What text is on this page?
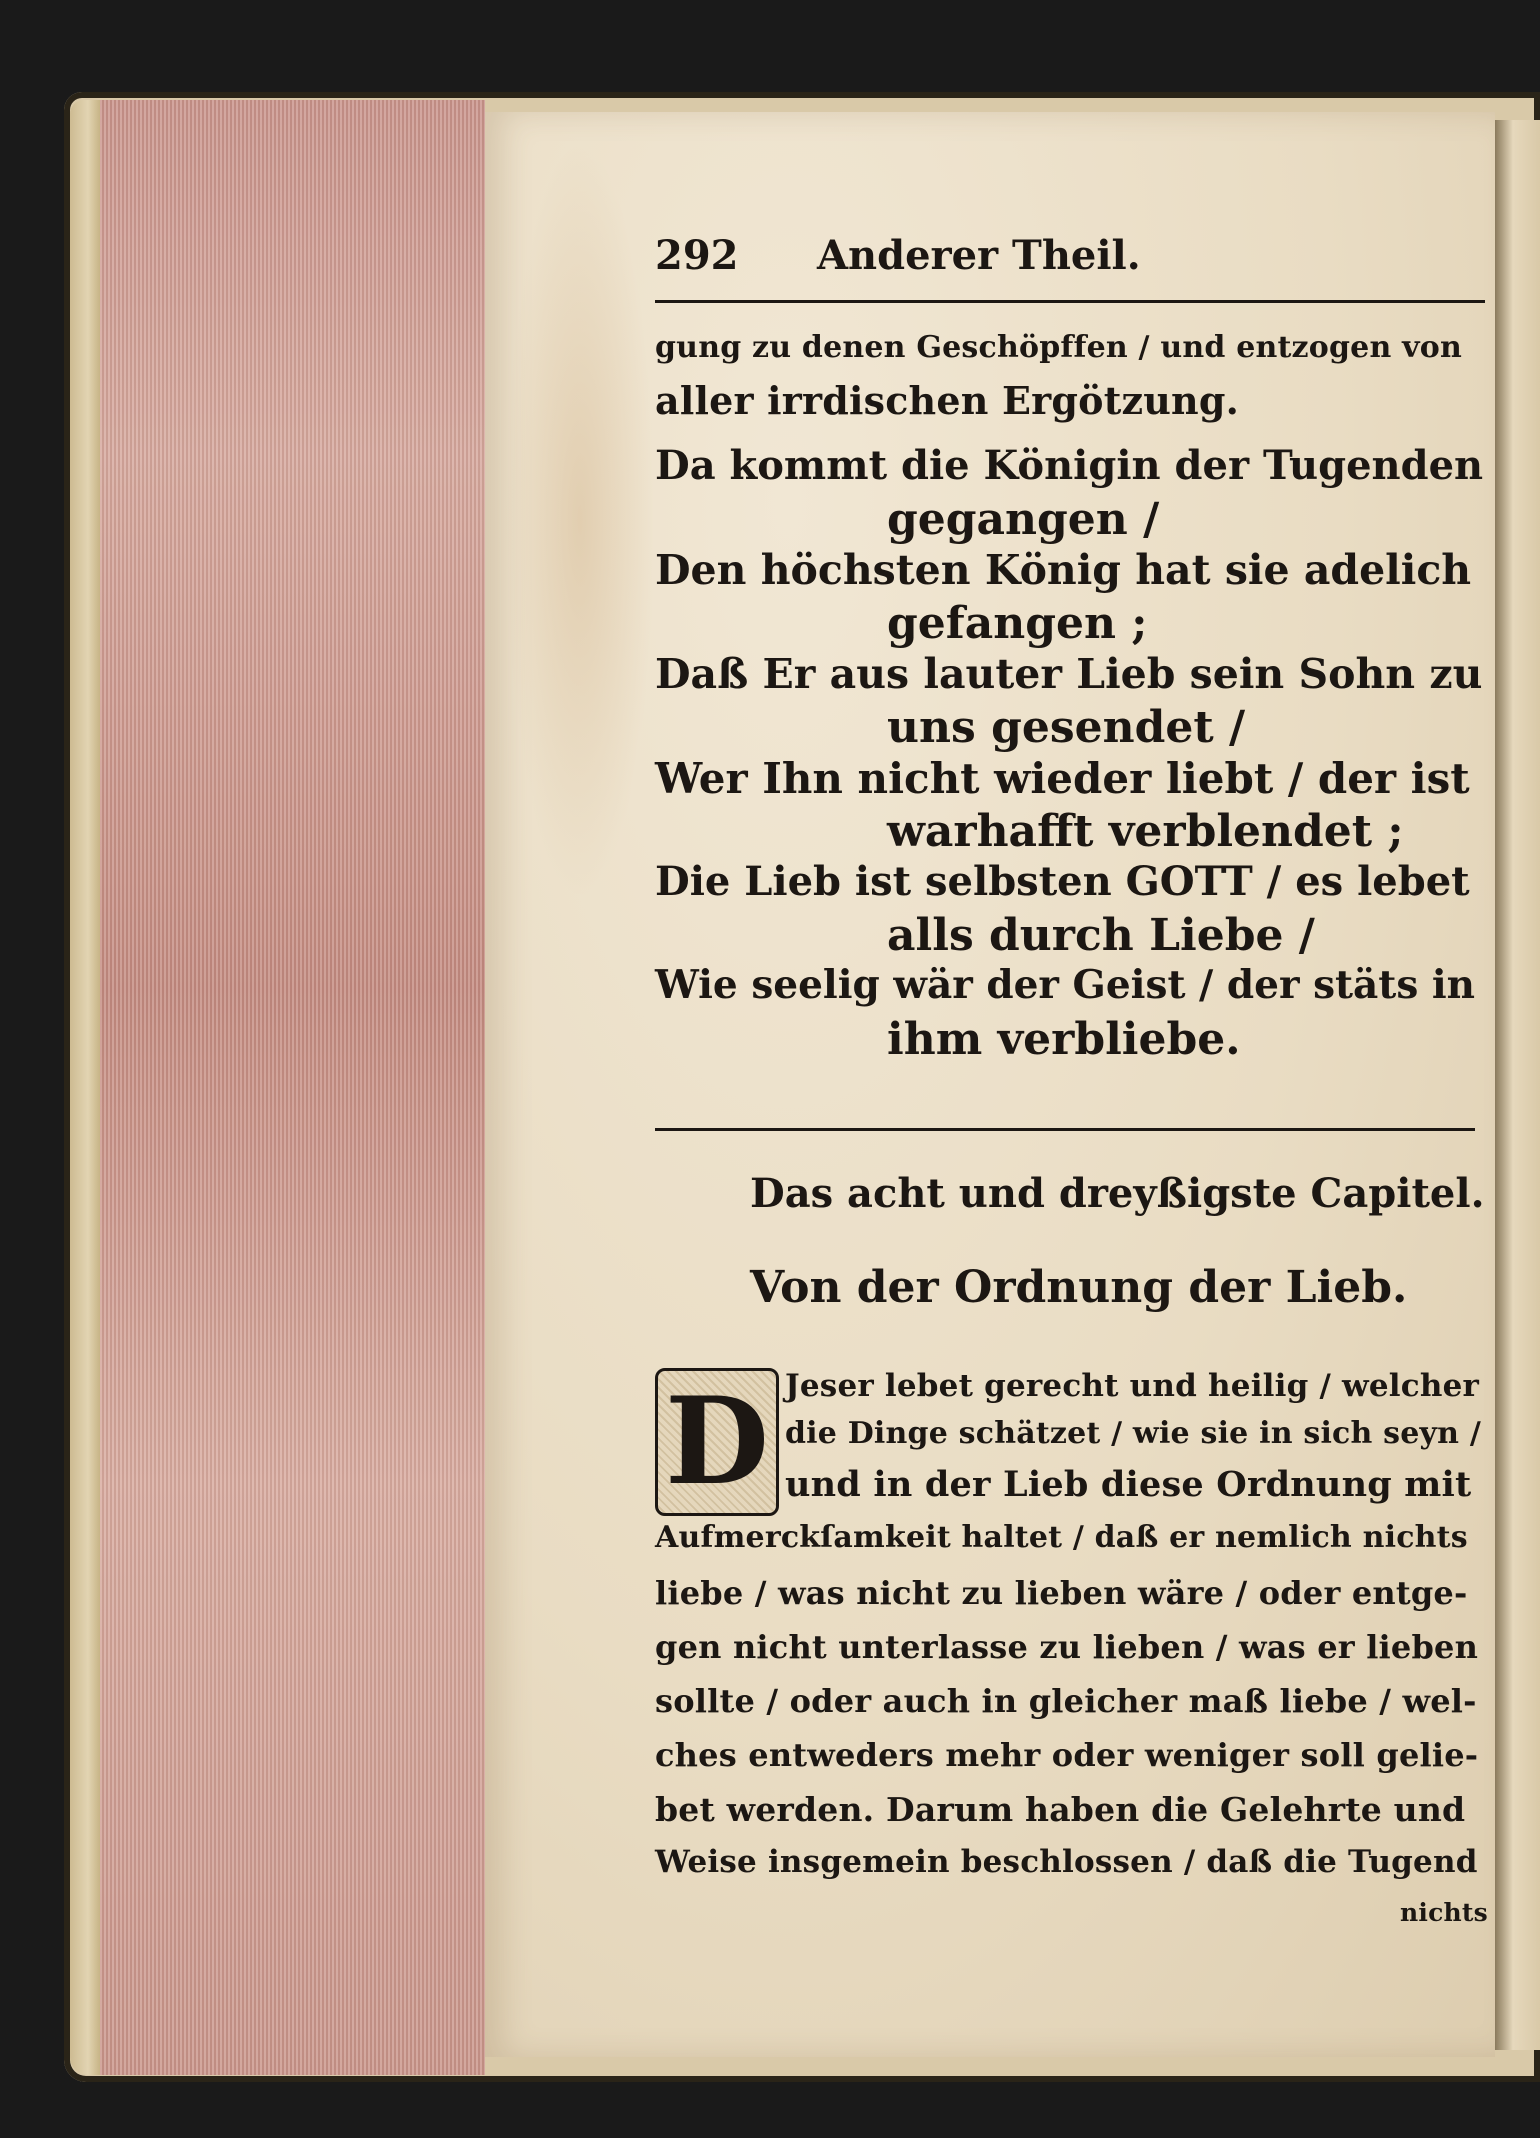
292 Anderer Theil.
gung zu denen Geschöpffen / und entzogen von
aller irrdischen Ergötzung.
Da kommt die Königin der Tugenden
gegangen /
Den höchsten König hat sie adelich
gefangen ;
Daß Er aus lauter Lieb sein Sohn zu
uns gesendet /
Wer Ihn nicht wieder liebt / der ist
warhafft verblendet ;
Die Lieb ist selbsten GOTT / es lebet
alls durch Liebe /
Wie seelig wär der Geist / der stäts in
ihm verbliebe.
Das acht und dreyßigste Capitel.
Von der Ordnung der Lieb.
D Jeser lebet gerecht und heilig / welcher
die Dinge schätzet / wie sie in sich seyn /
und in der Lieb diese Ordnung mit
Aufmerckſamkeit haltet / daß er nemlich nichts
liebe / was nicht zu lieben wäre / oder entge-
gen nicht unterlasse zu lieben / was er lieben
sollte / oder auch in gleicher maß liebe / wel-
ches entweders mehr oder weniger soll gelie-
bet werden. Darum haben die Gelehrte und
Weise insgemein beschlossen / daß die Tugend
nichts
